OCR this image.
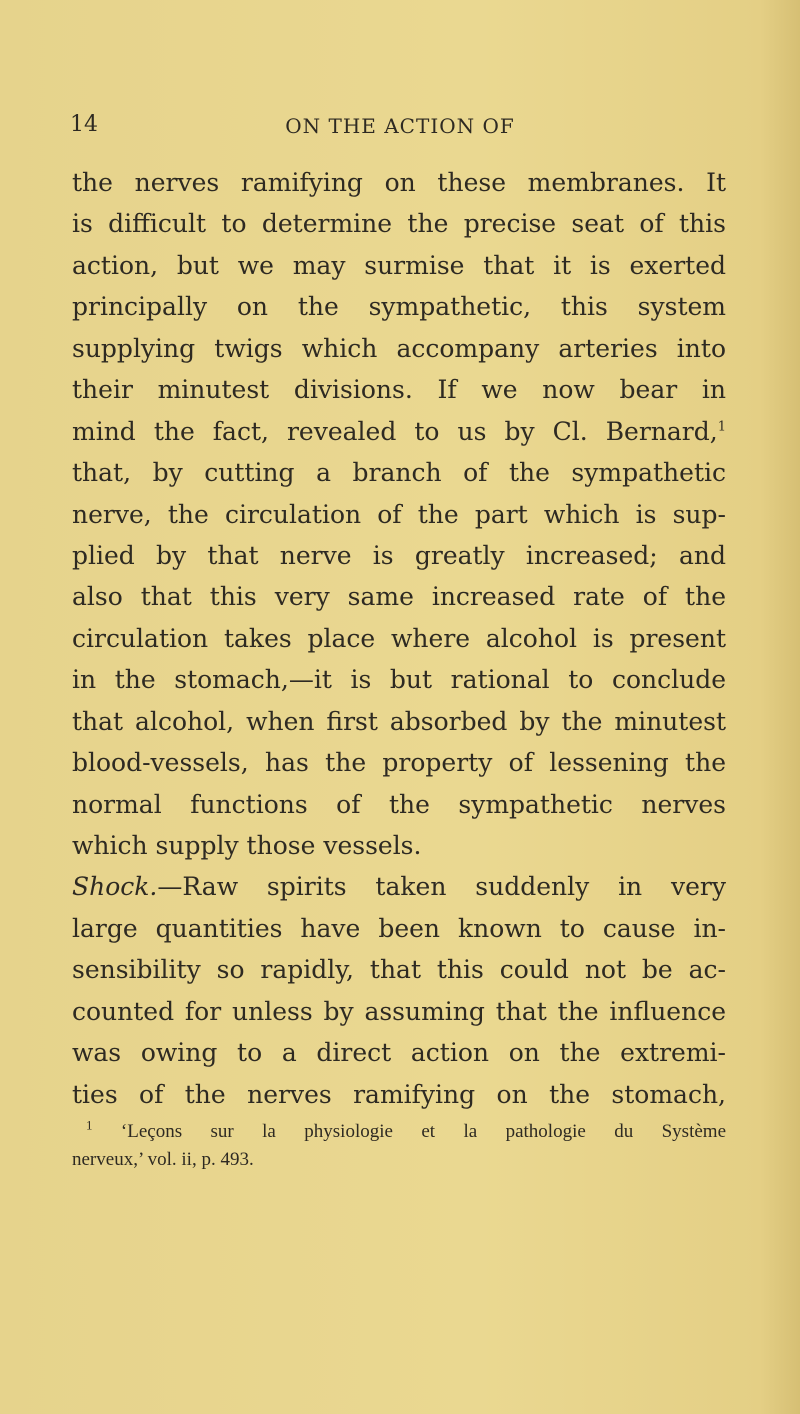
14	ON THE ACTION OF
the nerves ramifying on these membranes. It
is difficult to determine the precise seat of this
action, but we may surmise that it is exerted
principally on the sympathetic, this system
supplying twigs which accompany arteries into
their minutest divisions. If we now bear in
mind the fact, revealed to us by Cl. Bernard,$^1$
that, by cutting a branch of the sympathetic
nerve, the circulation of the part which is sup-
plied by that nerve is greatly increased; and
also that this very same increased rate of the
circulation takes place where alcohol is present
in the stomach,—it is but rational to conclude
that alcohol, when first absorbed by the minutest
blood-vessels, has the property of lessening the
normal functions of the sympathetic nerves
which supply those vessels.
Shock.—Raw spirits taken suddenly in very
large quantities have been known to cause in-
sensibility so rapidly, that this could not be ac-
counted for unless by assuming that the influence
was owing to a direct action on the extremi-
ties of the nerves ramifying on the stomach,
$^1$ ‘Leçons sur la physiologie et la pathologie du Système
nerveux,’ vol. ii, p. 493.
